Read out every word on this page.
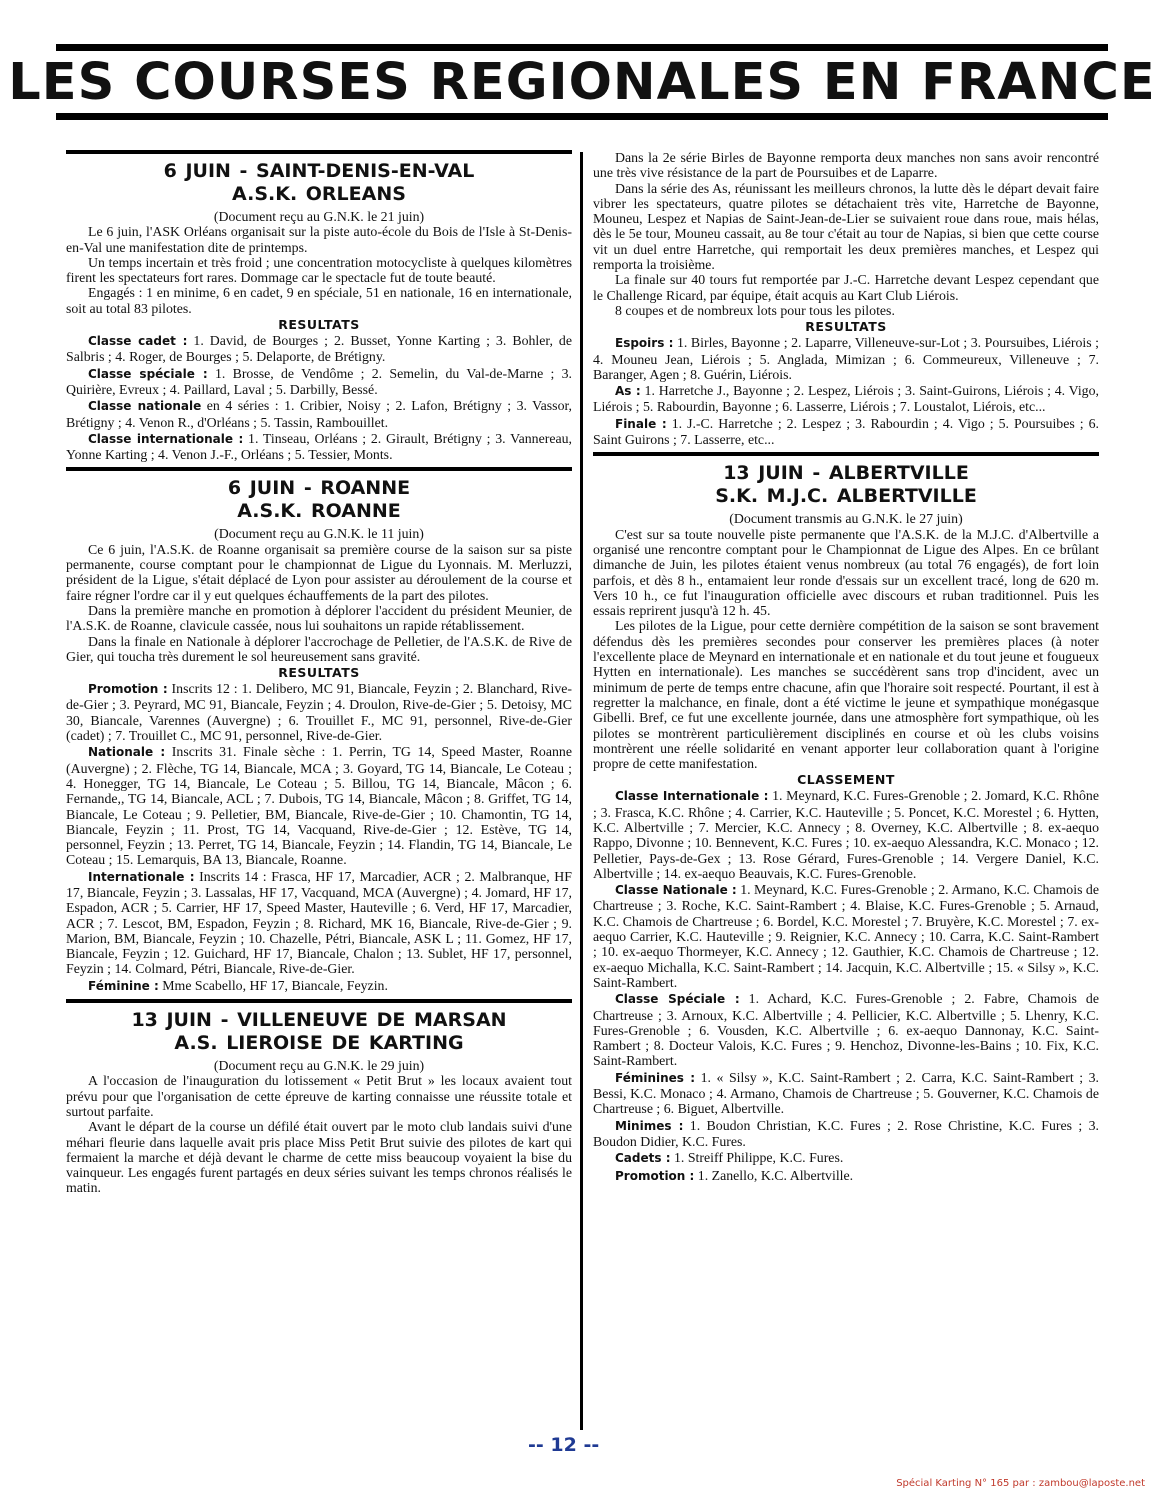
LES COURSES REGIONALES EN FRANCE
6 JUIN - SAINT-DENIS-EN-VAL
A.S.K. ORLEANS

(Document reçu au G.N.K. le 21 juin)

Le 6 juin, l'ASK Orléans organisait sur la piste auto-école du Bois de l'Isle à St-Denis-en-Val une manifestation dite de printemps.

Un temps incertain et très froid ; une concentration motocycliste à quelques kilomètres firent les spectateurs fort rares. Dommage car le spectacle fut de toute beauté.

Engagés : 1 en minime, 6 en cadet, 9 en spéciale, 51 en nationale, 16 en internationale, soit au total 83 pilotes.

RESULTATS

Classe cadet : 1. David, de Bourges ; 2. Busset, Yonne Karting ; 3. Bohler, de Salbris ; 4. Roger, de Bourges ; 5. Delaporte, de Brétigny.

Classe spéciale : 1. Brosse, de Vendôme ; 2. Semelin, du Val-de-Marne ; 3. Quirière, Evreux ; 4. Paillard, Laval ; 5. Darbilly, Bessé.

Classe nationale en 4 séries : 1. Cribier, Noisy ; 2. Lafon, Brétigny ; 3. Vassor, Brétigny ; 4. Venon R., d'Orléans ; 5. Tassin, Rambouillet.

Classe internationale : 1. Tinseau, Orléans ; 2. Girault, Brétigny ; 3. Vannereau, Yonne Karting ; 4. Venon J.-F., Orléans ; 5. Tessier, Monts.

6 JUIN - ROANNE
A.S.K. ROANNE

(Document reçu au G.N.K. le 11 juin)

Ce 6 juin, l'A.S.K. de Roanne organisait sa première course de la saison sur sa piste permanente, course comptant pour le championnat de Ligue du Lyonnais. M. Merluzzi, président de la Ligue, s'était déplacé de Lyon pour assister au déroulement de la course et faire régner l'ordre car il y eut quelques échauffements de la part des pilotes.

Dans la première manche en promotion à déplorer l'accident du président Meunier, de l'A.S.K. de Roanne, clavicule cassée, nous lui souhaitons un rapide rétablissement.

Dans la finale en Nationale à déplorer l'accrochage de Pelletier, de l'A.S.K. de Rive de Gier, qui toucha très durement le sol heureusement sans gravité.

RESULTATS

Promotion : Inscrits 12 : 1. Delibero, MC 91, Biancale, Feyzin ; 2. Blanchard, Rive-de-Gier ; 3. Peyrard, MC 91, Biancale, Feyzin ; 4. Droulon, Rive-de-Gier ; 5. Detoisy, MC 30, Biancale, Varennes (Auvergne) ; 6. Trouillet F., MC 91, personnel, Rive-de-Gier (cadet) ; 7. Trouillet C., MC 91, personnel, Rive-de-Gier.

Nationale : Inscrits 31. Finale sèche : 1. Perrin, TG 14, Speed Master, Roanne (Auvergne) ; 2. Flèche, TG 14, Biancale, MCA ; 3. Goyard, TG 14, Biancale, Le Coteau ; 4. Honegger, TG 14, Biancale, Le Coteau ; 5. Billou, TG 14, Biancale, Mâcon ; 6. Fernande,, TG 14, Biancale, ACL ; 7. Dubois, TG 14, Biancale, Mâcon ; 8. Griffet, TG 14, Biancale, Le Coteau ; 9. Pelletier, BM, Biancale, Rive-de-Gier ; 10. Chamontin, TG 14, Biancale, Feyzin ; 11. Prost, TG 14, Vacquand, Rive-de-Gier ; 12. Estève, TG 14, personnel, Feyzin ; 13. Perret, TG 14, Biancale, Feyzin ; 14. Flandin, TG 14, Biancale, Le Coteau ; 15. Lemarquis, BA 13, Biancale, Roanne.

Internationale : Inscrits 14 : Frasca, HF 17, Marcadier, ACR ; 2. Malbranque, HF 17, Biancale, Feyzin ; 3. Lassalas, HF 17, Vacquand, MCA (Auvergne) ; 4. Jomard, HF 17, Espadon, ACR ; 5. Carrier, HF 17, Speed Master, Hauteville ; 6. Verd, HF 17, Marcadier, ACR ; 7. Lescot, BM, Espadon, Feyzin ; 8. Richard, MK 16, Biancale, Rive-de-Gier ; 9. Marion, BM, Biancale, Feyzin ; 10. Chazelle, Pétri, Biancale, ASK L ; 11. Gomez, HF 17, Biancale, Feyzin ; 12. Guichard, HF 17, Biancale, Chalon ; 13. Sublet, HF 17, personnel, Feyzin ; 14. Colmard, Pétri, Biancale, Rive-de-Gier.

Féminine : Mme Scabello, HF 17, Biancale, Feyzin.

13 JUIN - VILLENEUVE DE MARSAN
A.S. LIEROISE DE KARTING

(Document reçu au G.N.K. le 29 juin)

A l'occasion de l'inauguration du lotissement « Petit Brut » les locaux avaient tout prévu pour que l'organisation de cette épreuve de karting connaisse une réussite totale et surtout parfaite.

Avant le départ de la course un défilé était ouvert par le moto club landais suivi d'une méhari fleurie dans laquelle avait pris place Miss Petit Brut suivie des pilotes de kart qui fermaient la marche et déjà devant le charme de cette miss beaucoup voyaient la bise du vainqueur. Les engagés furent partagés en deux séries suivant les temps chronos réalisés le matin.

Dans la 2e série Birles de Bayonne remporta deux manches non sans avoir rencontré une très vive résistance de la part de Poursuibes et de Laparre.

Dans la série des As, réunissant les meilleurs chronos, la lutte dès le départ devait faire vibrer les spectateurs, quatre pilotes se détachaient très vite, Harretche de Bayonne, Mouneu, Lespez et Napias de Saint-Jean-de-Lier se suivaient roue dans roue, mais hélas, dès le 5e tour, Mouneu cassait, au 8e tour c'était au tour de Napias, si bien que cette course vit un duel entre Harretche, qui remportait les deux premières manches, et Lespez qui remporta la troisième.

La finale sur 40 tours fut remportée par J.-C. Harretche devant Lespez cependant que le Challenge Ricard, par équipe, était acquis au Kart Club Liérois.

8 coupes et de nombreux lots pour tous les pilotes.

RESULTATS

Espoirs : 1. Birles, Bayonne ; 2. Laparre, Villeneuve-sur-Lot ; 3. Poursuibes, Liérois ; 4. Mouneu Jean, Liérois ; 5. Anglada, Mimizan ; 6. Commeureux, Villeneuve ; 7. Baranger, Agen ; 8. Guérin, Liérois.

As : 1. Harretche J., Bayonne ; 2. Lespez, Liérois ; 3. Saint-Guirons, Liérois ; 4. Vigo, Liérois ; 5. Rabourdin, Bayonne ; 6. Lasserre, Liérois ; 7. Loustalot, Liérois, etc...

Finale : 1. J.-C. Harretche ; 2. Lespez ; 3. Rabourdin ; 4. Vigo ; 5. Poursuibes ; 6. Saint Guirons ; 7. Lasserre, etc...

13 JUIN - ALBERTVILLE
S.K. M.J.C. ALBERTVILLE

(Document transmis au G.N.K. le 27 juin)

C'est sur sa toute nouvelle piste permanente que l'A.S.K. de la M.J.C. d'Albertville a organisé une rencontre comptant pour le Championnat de Ligue des Alpes. En ce brûlant dimanche de Juin, les pilotes étaient venus nombreux (au total 76 engagés), de fort loin parfois, et dès 8 h., entamaient leur ronde d'essais sur un excellent tracé, long de 620 m. Vers 10 h., ce fut l'inauguration officielle avec discours et ruban traditionnel. Puis les essais reprirent jusqu'à 12 h. 45.

Les pilotes de la Ligue, pour cette dernière compétition de la saison se sont bravement défendus dès les premières secondes pour conserver les premières places (à noter l'excellente place de Meynard en internationale et en nationale et du tout jeune et fougueux Hytten en internationale). Les manches se succédèrent sans trop d'incident, avec un minimum de perte de temps entre chacune, afin que l'horaire soit respecté. Pourtant, il est à regretter la malchance, en finale, dont a été victime le jeune et sympathique monégasque Gibelli. Bref, ce fut une excellente journée, dans une atmosphère fort sympathique, où les pilotes se montrèrent particulièrement disciplinés en course et où les clubs voisins montrèrent une réelle solidarité en venant apporter leur collaboration quant à l'origine propre de cette manifestation.

CLASSEMENT

Classe Internationale : 1. Meynard, K.C. Fures-Grenoble ; 2. Jomard, K.C. Rhône ; 3. Frasca, K.C. Rhône ; 4. Carrier, K.C. Hauteville ; 5. Poncet, K.C. Morestel ; 6. Hytten, K.C. Albertville ; 7. Mercier, K.C. Annecy ; 8. Overney, K.C. Albertville ; 8. ex-aequo Rappo, Divonne ; 10. Bennevent, K.C. Fures ; 10. ex-aequo Alessandra, K.C. Monaco ; 12. Pelletier, Pays-de-Gex ; 13. Rose Gérard, Fures-Grenoble ; 14. Vergere Daniel, K.C. Albertville ; 14. ex-aequo Beauvais, K.C. Fures-Grenoble.

Classe Nationale : 1. Meynard, K.C. Fures-Grenoble ; 2. Armano, K.C. Chamois de Chartreuse ; 3. Roche, K.C. Saint-Rambert ; 4. Blaise, K.C. Fures-Grenoble ; 5. Arnaud, K.C. Chamois de Chartreuse ; 6. Bordel, K.C. Morestel ; 7. Bruyère, K.C. Morestel ; 7. ex-aequo Carrier, K.C. Hauteville ; 9. Reignier, K.C. Annecy ; 10. Carra, K.C. Saint-Rambert ; 10. ex-aequo Thormeyer, K.C. Annecy ; 12. Gauthier, K.C. Chamois de Chartreuse ; 12. ex-aequo Michalla, K.C. Saint-Rambert ; 14. Jacquin, K.C. Albertville ; 15. « Silsy », K.C. Saint-Rambert.

Classe Spéciale : 1. Achard, K.C. Fures-Grenoble ; 2. Fabre, Chamois de Chartreuse ; 3. Arnoux, K.C. Albertville ; 4. Pellicier, K.C. Albertville ; 5. Lhenry, K.C. Fures-Grenoble ; 6. Vousden, K.C. Albertville ; 6. ex-aequo Dannonay, K.C. Saint-Rambert ; 8. Docteur Valois, K.C. Fures ; 9. Henchoz, Divonne-les-Bains ; 10. Fix, K.C. Saint-Rambert.

Féminines : 1. « Silsy », K.C. Saint-Rambert ; 2. Carra, K.C. Saint-Rambert ; 3. Bessi, K.C. Monaco ; 4. Armano, Chamois de Chartreuse ; 5. Gouverner, K.C. Chamois de Chartreuse ; 6. Biguet, Albertville.

Minimes : 1. Boudon Christian, K.C. Fures ; 2. Rose Christine, K.C. Fures ; 3. Boudon Didier, K.C. Fures.

Cadets : 1. Streiff Philippe, K.C. Fures.

Promotion : 1. Zanello, K.C. Albertville.

-- 12 --
Spécial Karting N° 165 par : zambou@laposte.net
